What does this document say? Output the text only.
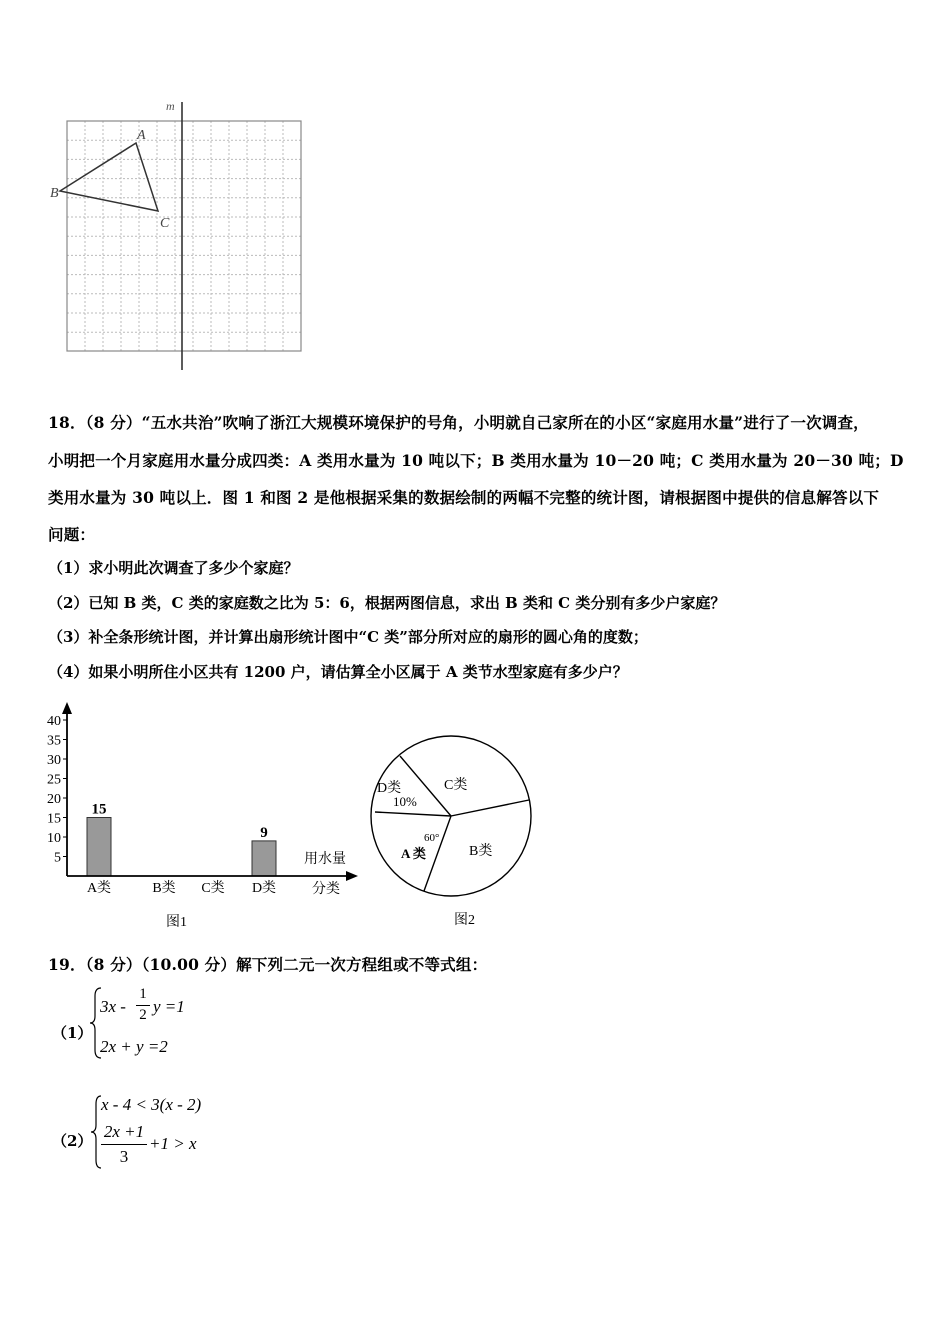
m
A
B
C
18．（8 分）“五水共治”吹响了浙江大规模环境保护的号角，小明就自己家所在的小区“家庭用水量”进行了一次调查，
小明把一个月家庭用水量分成四类：A 类用水量为 10 吨以下；B 类用水量为 10－20 吨；C 类用水量为 20－30 吨；D
类用水量为 30 吨以上．图 1 和图 2 是他根据采集的数据绘制的两幅不完整的统计图，请根据图中提供的信息解答以下
问题：
（1）求小明此次调查了多少个家庭？
（2）已知 B 类，C 类的家庭数之比为 5：6，根据两图信息，求出 B 类和 C 类分别有多少户家庭？
（3）补全条形统计图，并计算出扇形统计图中“C 类”部分所对应的扇形的圆心角的度数；
（4）如果小明所住小区共有 1200 户，请估算全小区属于 A 类节水型家庭有多少户？
5
10
15
20
25
30
35
40
A类
15
B类 C类 D类
9
用水量
分类
图1
D类
10%
C类
B类
A 类
60°
图2
19．（8 分）（10.00 分）解下列二元一次方程组或不等式组：
（1）
3x -
1
2 y =1
2x + y =2
（2）
x - 4 < 3(x - 2)
2x +1
3
+1 > x
